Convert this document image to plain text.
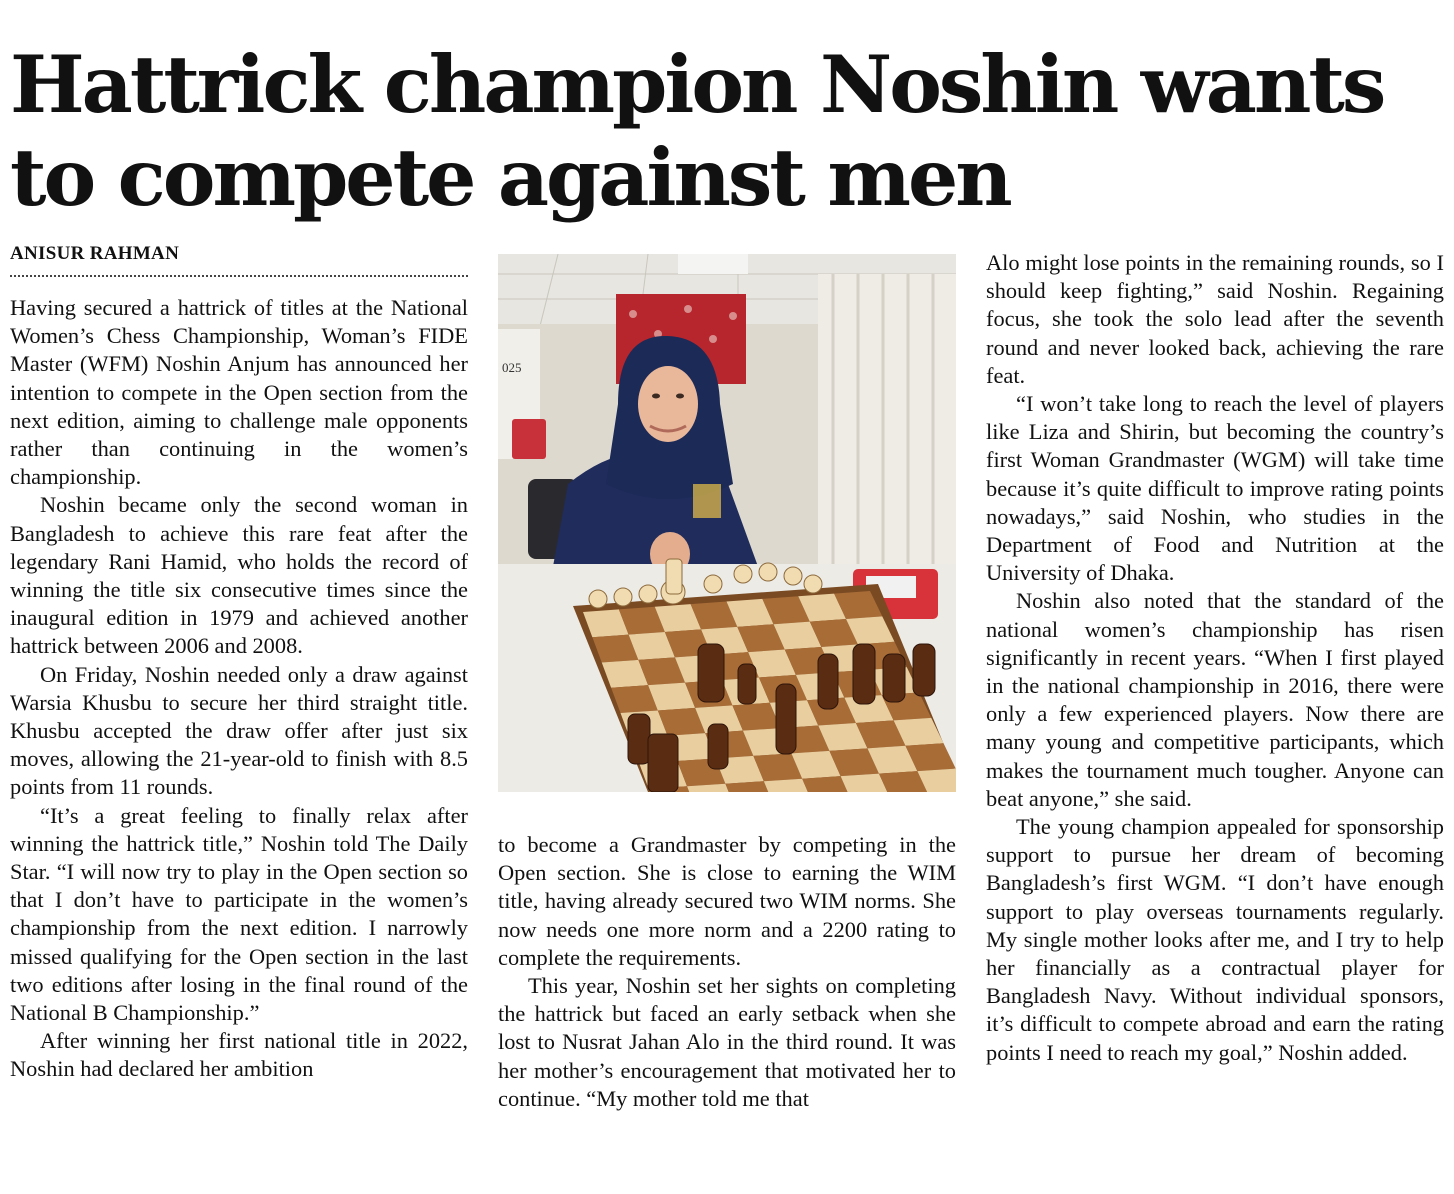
Hattrick champion Noshin wants to compete against men
ANISUR RAHMAN

Having secured a hattrick of titles at the National Women’s Chess Championship, Woman’s FIDE Master (WFM) Noshin Anjum has announced her intention to compete in the Open section from the next edition, aiming to challenge male opponents rather than continuing in the women’s championship.

Noshin became only the second woman in Bangladesh to achieve this rare feat after the legendary Rani Hamid, who holds the record of winning the title six consecutive times since the inaugural edition in 1979 and achieved another hattrick between 2006 and 2008.

On Friday, Noshin needed only a draw against Warsia Khusbu to secure her third straight title. Khusbu accepted the draw offer after just six moves, allowing the 21-year-old to finish with 8.5 points from 11 rounds.

“It’s a great feeling to finally relax after winning the hattrick title,” Noshin told The Daily Star. “I will now try to play in the Open section so that I don’t have to participate in the women’s championship from the next edition. I narrowly missed qualifying for the Open section in the last two editions after losing in the final round of the National B Championship.”

After winning her first national title in 2022, Noshin had declared her ambition

025

to become a Grandmaster by competing in the Open section. She is close to earning the WIM title, having already secured two WIM norms. She now needs one more norm and a 2200 rating to complete the requirements.

This year, Noshin set her sights on completing the hattrick but faced an early setback when she lost to Nusrat Jahan Alo in the third round. It was her mother’s encouragement that motivated her to continue. “My mother told me that

Alo might lose points in the remaining rounds, so I should keep fighting,” said Noshin. Regaining focus, she took the solo lead after the seventh round and never looked back, achieving the rare feat.

“I won’t take long to reach the level of players like Liza and Shirin, but becoming the country’s first Woman Grandmaster (WGM) will take time because it’s quite difficult to improve rating points nowadays,” said Noshin, who studies in the Department of Food and Nutrition at the University of Dhaka.

Noshin also noted that the standard of the national women’s championship has risen significantly in recent years. “When I first played in the national championship in 2016, there were only a few experienced players. Now there are many young and competitive participants, which makes the tournament much tougher. Anyone can beat anyone,” she said.

The young champion appealed for sponsorship support to pursue her dream of becoming Bangladesh’s first WGM. “I don’t have enough support to play overseas tournaments regularly. My single mother looks after me, and I try to help her financially as a contractual player for Bangladesh Navy. Without individual sponsors, it’s difficult to compete abroad and earn the rating points I need to reach my goal,” Noshin added.
